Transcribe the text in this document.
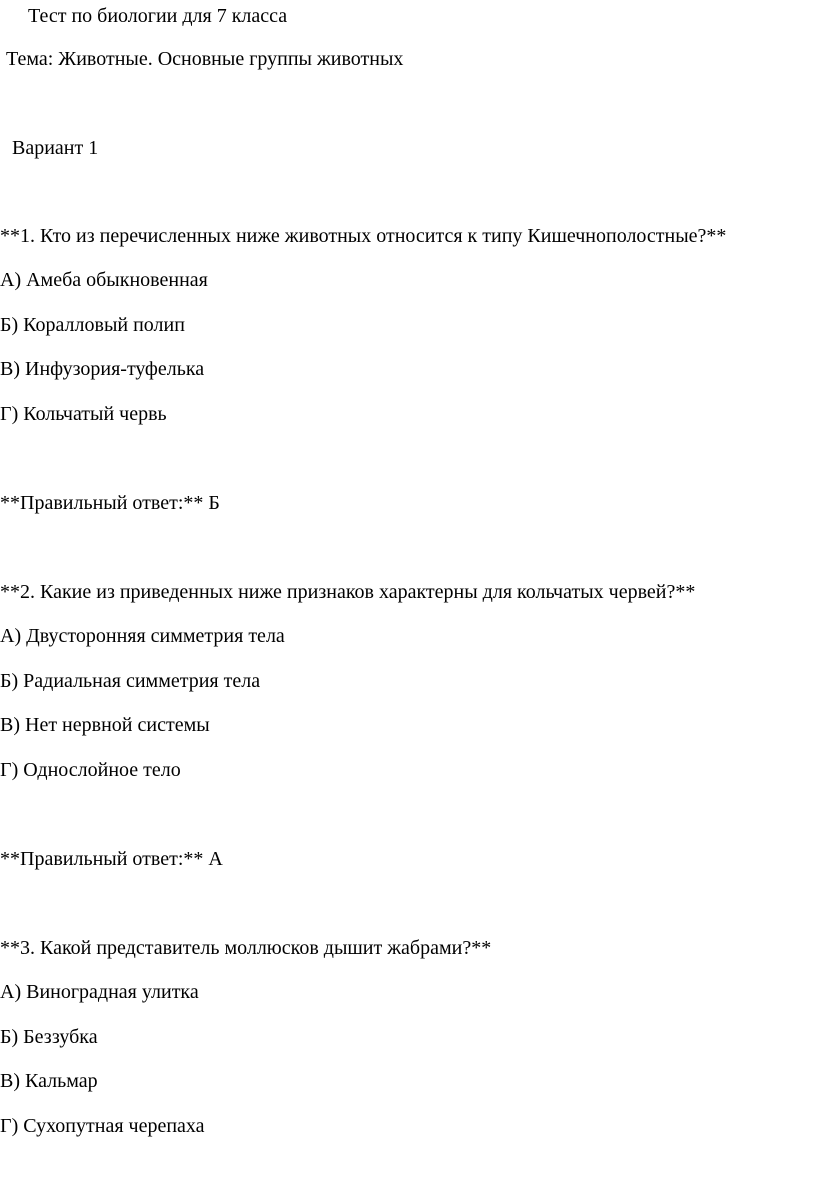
Тест по биологии для 7 класса
Тема: Животные. Основные группы животных
Вариант 1
**1. Кто из перечисленных ниже животных относится к типу Кишечнополостные?**
А) Амеба обыкновенная
Б) Коралловый полип
В) Инфузория-туфелька
Г) Кольчатый червь
**Правильный ответ:** Б
**2. Какие из приведенных ниже признаков характерны для кольчатых червей?**
А) Двусторонняя симметрия тела
Б) Радиальная симметрия тела
В) Нет нервной системы
Г) Однослойное тело
**Правильный ответ:** А
**3. Какой представитель моллюсков дышит жабрами?**
А) Виноградная улитка
Б) Беззубка
В) Кальмар
Г) Сухопутная черепаха
